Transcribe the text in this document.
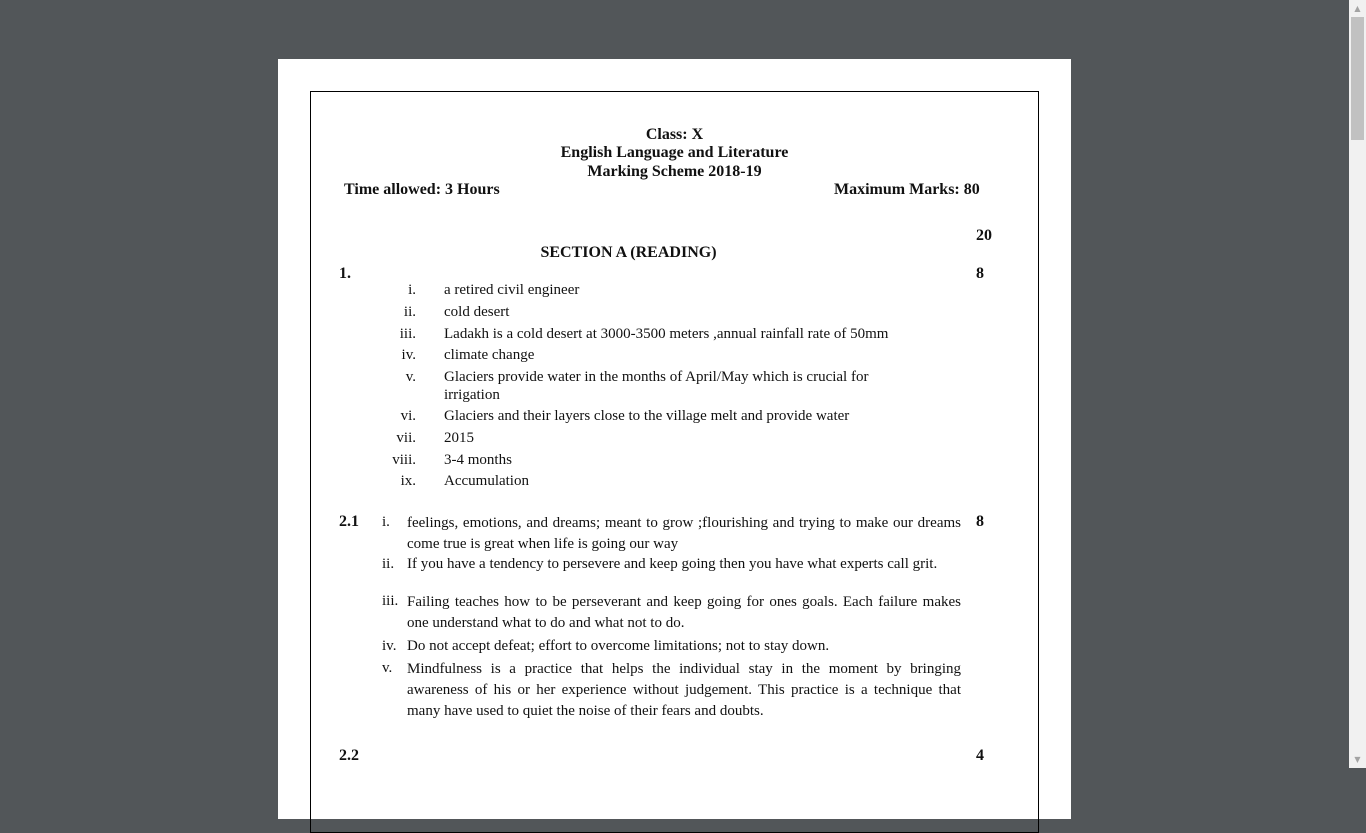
Class: X
English Language and Literature
Marking Scheme 2018-19
Time allowed: 3 Hours	Maximum Marks: 80
20
SECTION A (READING)
1.	8
i. a retired civil engineer
ii. cold desert
iii. Ladakh is a cold desert at 3000-3500 meters ,annual rainfall rate of 50mm
iv. climate change
v. Glaciers provide water in the months of April/May which is crucial for irrigation
vi. Glaciers and their layers close to the village melt and provide water
vii. 2015
viii. 3-4 months
ix. Accumulation
2.1	8
i. feelings, emotions, and dreams; meant to grow ;flourishing and trying to make our dreams come true is great when life is going our way
ii. If you have a tendency to persevere and keep going then you have what experts call grit.
iii. Failing teaches how to be perseverant and keep going for ones goals. Each failure makes one understand what to do and what not to do.
iv. Do not accept defeat; effort to overcome limitations; not to stay down.
v. Mindfulness is a practice that helps the individual stay in the moment by bringing awareness of his or her experience without judgement. This practice is a technique that many have used to quiet the noise of their fears and doubts.
2.2	4
▲
▼
